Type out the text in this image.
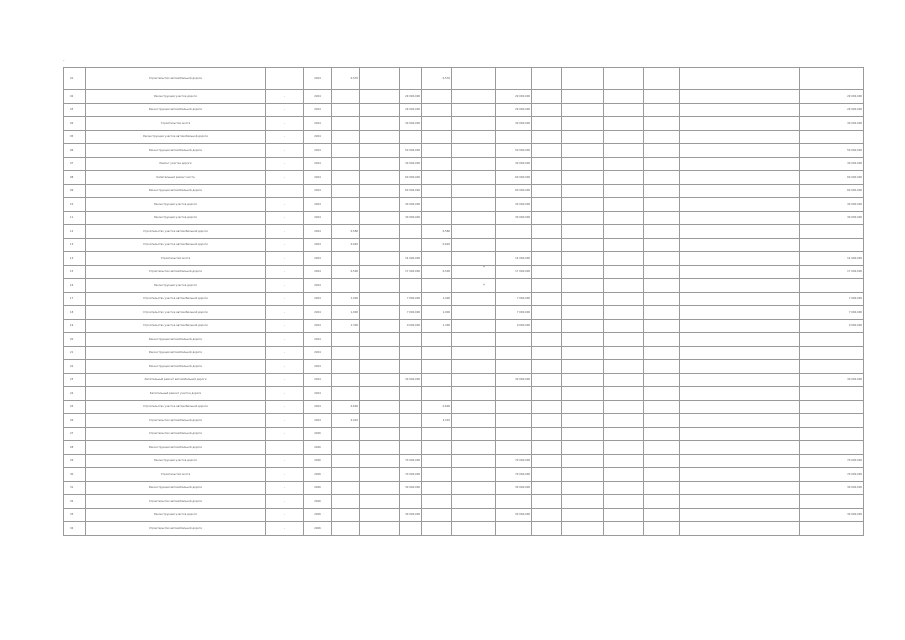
-
01	Строительство автомобильной дороги		2024	0,576			0,576								
02	Реконструкция участка дороги	-	2024			29 000,000			29 000,000						29 000,000
03	Реконструкция автомобильной дороги	-	2024			29 000,000			29 000,000						29 000,000
04	Строительство моста	-	2024			30 000,000			30 000,000						30 000,000
05	Реконструкция участка автомобильной дороги	-	2024												
06	Реконструкция автомобильной дороги	-	2024			50 000,000			50 000,000						50 000,000
07	Ремонт участка дороги	-	2024			30 000,000			30 000,000						30 000,000
08	Капитальный ремонт моста	-	2024			60 000,000			60 000,000						60 000,000
09	Реконструкция автомобильной дороги		2024			60 000,000			60 000,000						60 000,000
10	Реконструкция участка дороги	-	2024			30 000,000			30 000,000						30 000,000
11	Реконструкция участка дороги	-	2024			30 000,000			30 000,000						30 000,000
12	Строительство участка автомобильной дороги	-	2024	0,580			0,580								
13	Строительство участка автомобильной дороги	-	2024	0,620			0,620								
14	Строительство моста	-	2024			14 000,000			14 000,000						14 000,000
15	Строительство автомобильной дороги	-	2024	0,500		17 000,000	0,500		17 000,000						17 000,000
16	Реконструкция участка дороги	-	2024												
17	Строительство участка автомобильной дороги	-	2024	1,000		7 000,000	1,000		7 000,000						7 000,000
18	Строительство участка автомобильной дороги	-	2024	1,000		7 000,000	1,000		7 000,000						7 000,000
19	Строительство участка автомобильной дороги	-	2024	1,300		9 000,000	1,300		9 000,000						9 000,000
20	Реконструкция автомобильной дороги	-	2024												
21	Реконструкция автомобильной дороги	-	2024												
22	Реконструкция автомобильной дороги	-	2024												
23	Капитальный ремонт автомобильной дороги	-	2024			30 000,000			30 000,000						30 000,000
24	Капитальный ремонт участка дороги	-	2024												
25	Строительство участка автомобильной дороги	-	2024	0,600			0,600								
26	Строительство автомобильной дороги	-	2024	2,010			2,010								
27	Строительство автомобильной дороги	-	2026												
28	Реконструкция автомобильной дороги		2026												
29	Реконструкция участка дороги	-	2026			70 000,000			70 000,000						70 000,000
30	Строительство моста	-	2026			70 000,000			70 000,000						70 000,000
31	Реконструкция автомобильной дороги	-	2026			30 000,000			30 000,000						30 000,000
32	Строительство автомобильной дороги	-	2026												
33	Реконструкция участка дороги	-	2026			30 000,000			30 000,000						30 000,000
34	Строительство автомобильной дороги	-	2026												
*
*
